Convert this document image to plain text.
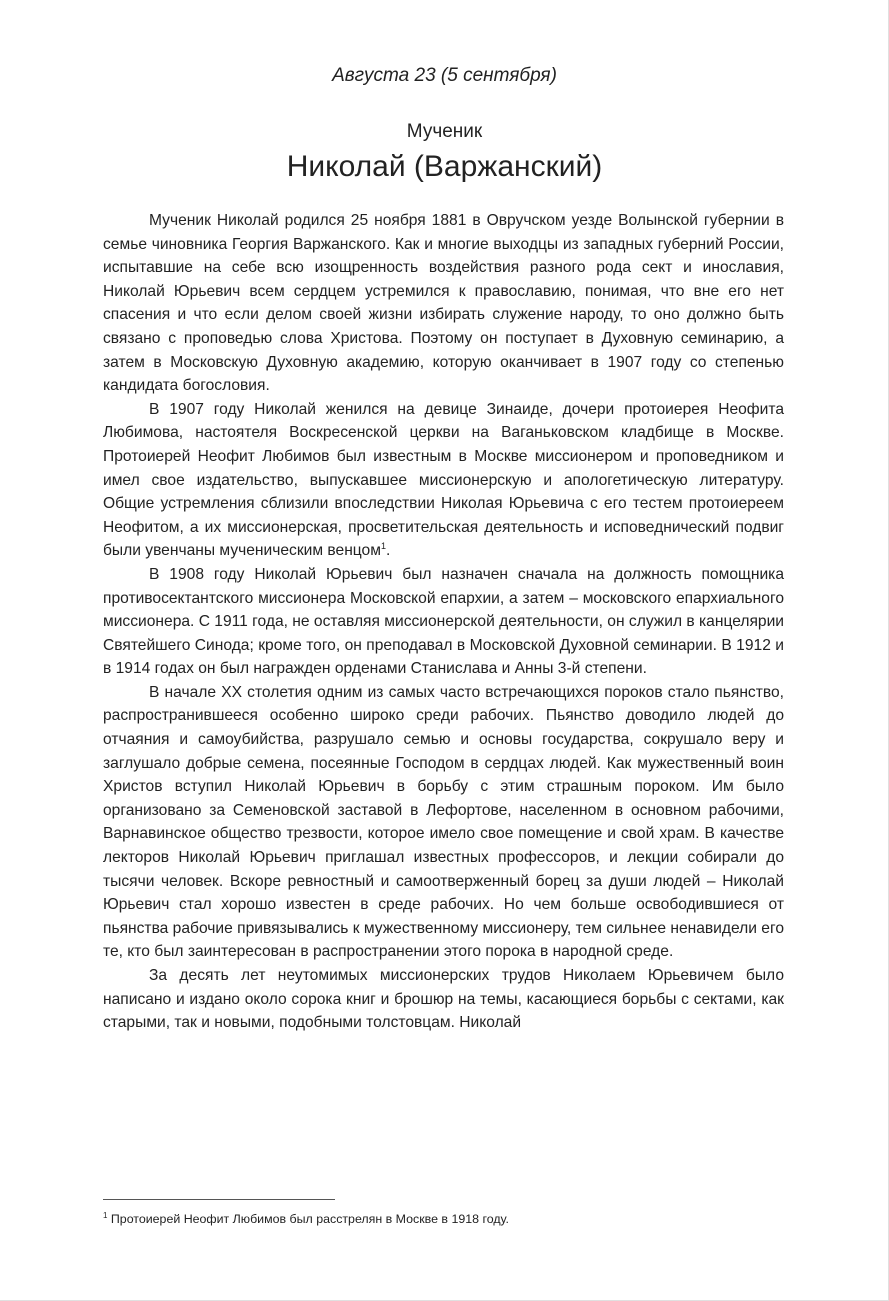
Августа 23 (5 сентября)
Мученик
Николай (Варжанский)

Мученик Николай родился 25 ноября 1881 в Овручском уезде Волынской губернии в семье чиновника Георгия Варжанского. Как и многие выходцы из западных губерний России, испытавшие на себе всю изощренность воздействия разного рода сект и инославия, Николай Юрьевич всем сердцем устремился к православию, понимая, что вне его нет спасения и что если делом своей жизни избирать служение народу, то оно должно быть связано с проповедью слова Христова. Поэтому он поступает в Духовную семинарию, а затем в Московскую Духовную академию, которую оканчивает в 1907 году со степенью кандидата богословия.

В 1907 году Николай женился на девице Зинаиде, дочери протоиерея Неофита Любимова, настоятеля Воскресенской церкви на Ваганьковском кладбище в Москве. Протоиерей Неофит Любимов был известным в Москве миссионером и проповедником и имел свое издательство, выпускавшее миссионерскую и апологетическую литературу. Общие устремления сблизили впоследствии Николая Юрьевича с его тестем протоиереем Неофитом, а их миссионерская, просветительская деятельность и исповеднический подвиг были увенчаны мученическим венцом$^1$.

В 1908 году Николай Юрьевич был назначен сначала на должность помощника противосектантского миссионера Московской епархии, а затем – московского епархиального миссионера. С 1911 года, не оставляя миссионерской деятельности, он служил в канцелярии Святейшего Синода; кроме того, он преподавал в Московской Духовной семинарии. В 1912 и в 1914 годах он был награжден орденами Станислава и Анны 3-й степени.

В начале XX столетия одним из самых часто встречающихся пороков стало пьянство, распространившееся особенно широко среди рабочих. Пьянство доводило людей до отчаяния и самоубийства, разрушало семью и основы государства, сокрушало веру и заглушало добрые семена, посеянные Господом в сердцах людей. Как мужественный воин Христов вступил Николай Юрьевич в борьбу с этим страшным пороком. Им было организовано за Семеновской заставой в Лефортове, населенном в основном рабочими, Варнавинское общество трезвости, которое имело свое помещение и свой храм. В качестве лекторов Николай Юрьевич приглашал известных профессоров, и лекции собирали до тысячи человек. Вскоре ревностный и самоотверженный борец за души людей – Николай Юрьевич стал хорошо известен в среде рабочих. Но чем больше освободившиеся от пьянства рабочие привязывались к мужественному миссионеру, тем сильнее ненавидели его те, кто был заинтересован в распространении этого порока в народной среде.

За десять лет неутомимых миссионерских трудов Николаем Юрьевичем было написано и издано около сорока книг и брошюр на темы, касающиеся борьбы с сектами, как старыми, так и новыми, подобными толстовцам. Николай

$^1$ Протоиерей Неофит Любимов был расстрелян в Москве в 1918 году.
